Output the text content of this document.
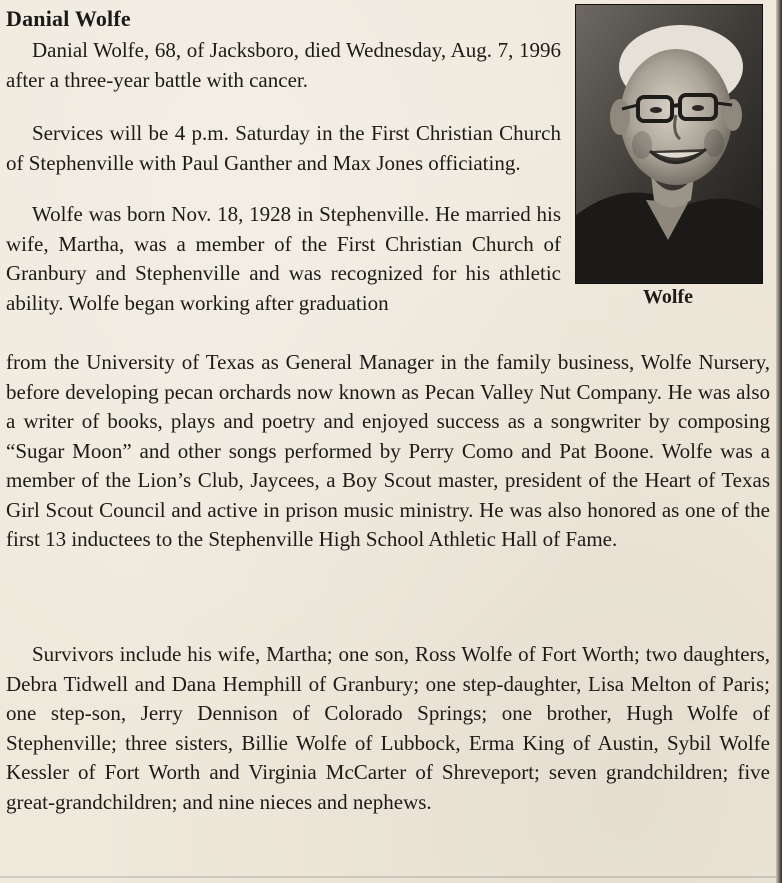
Danial Wolfe
Wolfe

Danial Wolfe, 68, of Jacksboro, died Wednesday, Aug. 7, 1996 after a three-year battle with cancer.

Services will be 4 p.m. Saturday in the First Christian Church of Stephenville with Paul Ganther and Max Jones officiating.

Wolfe was born Nov. 18, 1928 in Stephenville. He married his wife, Martha, was a member of the First Christian Church of Granbury and Stephenville and was recognized for his athletic ability. Wolfe began working after graduation

from the University of Texas as General Manager in the family business, Wolfe Nursery, before developing pecan orchards now known as Pecan Valley Nut Company. He was also a writer of books, plays and poetry and enjoyed success as a songwriter by composing “Sugar Moon” and other songs performed by Perry Como and Pat Boone. Wolfe was a member of the Lion’s Club, Jaycees, a Boy Scout master, president of the Heart of Texas Girl Scout Council and active in prison music ministry. He was also honored as one of the first 13 inductees to the Stephenville High School Athletic Hall of Fame.

Survivors include his wife, Martha; one son, Ross Wolfe of Fort Worth; two daughters, Debra Tidwell and Dana Hemphill of Granbury; one step-daughter, Lisa Melton of Paris; one step-son, Jerry Dennison of Colorado Springs; one brother, Hugh Wolfe of Stephenville; three sisters, Billie Wolfe of Lubbock, Erma King of Austin, Sybil Wolfe Kessler of Fort Worth and Virginia McCarter of Shreveport; seven grandchildren; five great-grandchildren; and nine nieces and nephews.
